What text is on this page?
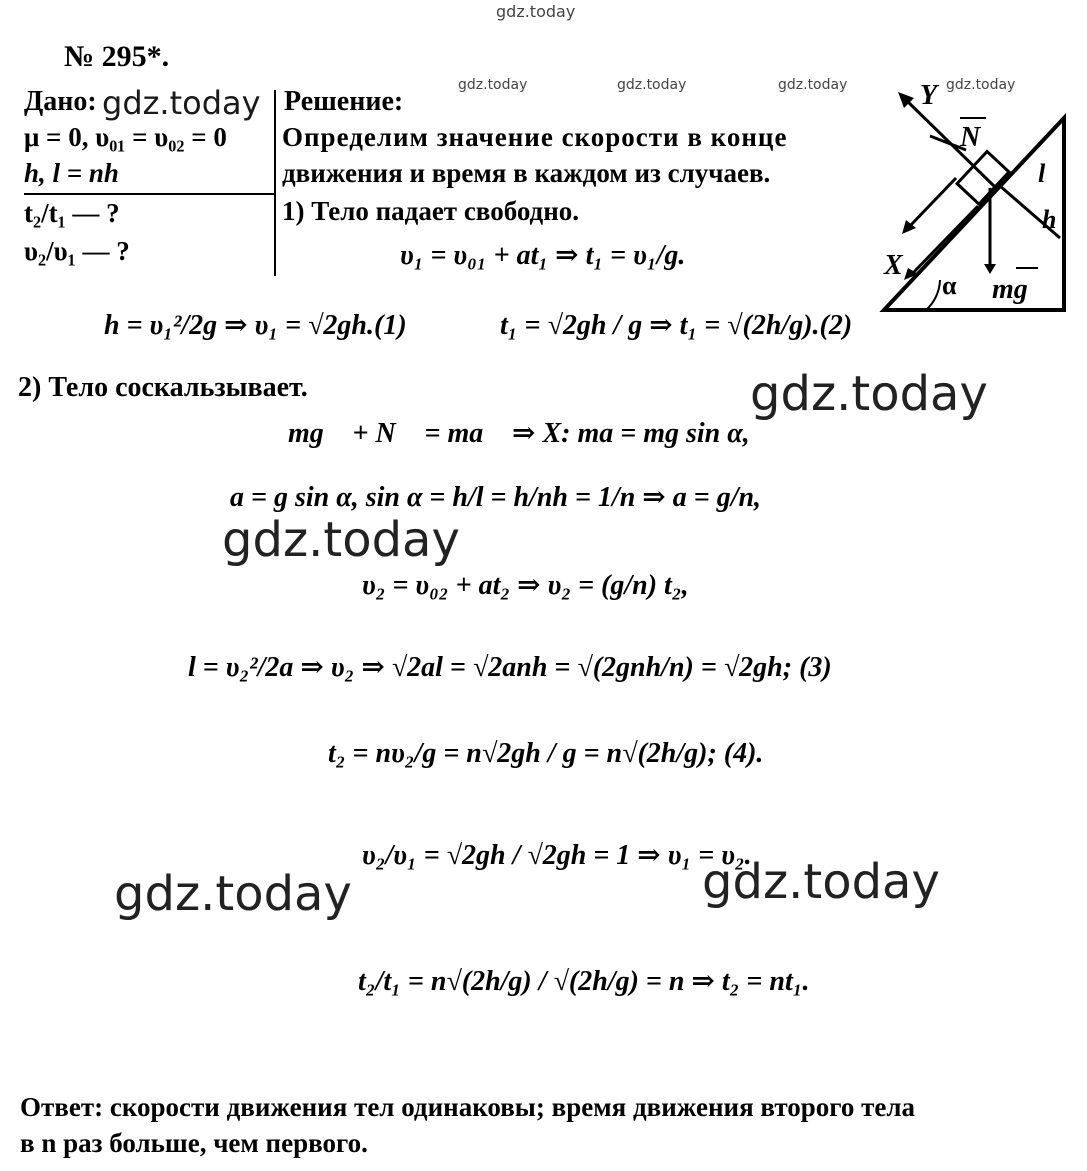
gdz.today
gdz.today	gdz.today	gdz.today	gdz.today
№ 295*.
Дано: gdz.today
μ = 0, υ₀₁ = υ₀₂ = 0
h, l = nh
t₂/t₁ — ?
υ₂/υ₁ — ?
Решение:
Определим значение скорости в конце
движения и время в каждом из случаев.
1) Тело падает свободно.
Y
N
l
h
X
α mg
υ₁ = υ₀₁ + at₁ ⇒ t₁ = υ₁/g.
h = υ₁²/2g ⇒ υ₁ = √2gh.(1)	t₁ = √2gh / g ⇒ t₁ = √(2h/g).(2)
2) Тело соскальзывает.	gdz.today
mg⃗ + N⃗ = ma⃗ ⇒ X: ma = mg sin α,
a = g sin α, sin α = h/l = h/nh = 1/n ⇒ a = g/n,
gdz.today
υ₂ = υ₀₂ + at₂ ⇒ υ₂ = (g/n) t₂,
l = υ₂²/2a ⇒ υ₂ ⇒ √2al = √2anh = √(2gnh/n) = √2gh; (3)
t₂ = nυ₂/g = n√2gh / g = n√(2h/g); (4).
υ₂/υ₁ = √2gh / √2gh = 1 ⇒ υ₁ = υ₂.
gdz.today	gdz.today
t₂/t₁ = n√(2h/g) / √(2h/g) = n ⇒ t₂ = nt₁.
Ответ: скорости движения тел одинаковы; время движения второго тела
в n раз больше, чем первого.
